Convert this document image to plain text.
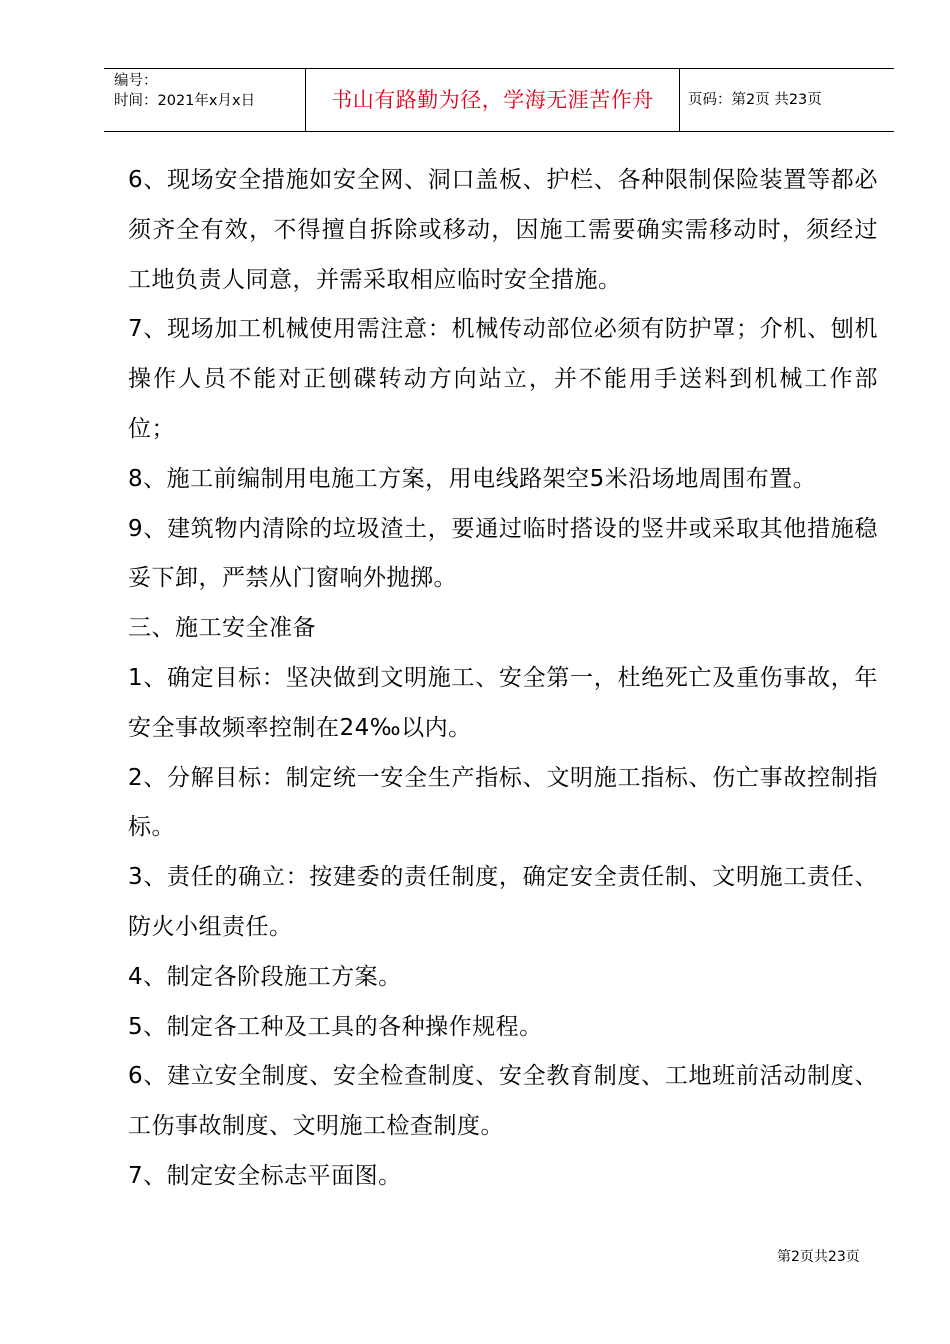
编号：
时间：2021年x月x日	书山有路勤为径，学海无涯苦作舟	页码：第2页 共23页

6、现场安全措施如安全网、洞口盖板、护栏、各种限制保险装置等都必须齐全有效，不得擅自拆除或移动，因施工需要确实需移动时，须经过工地负责人同意，并需采取相应临时安全措施。

7、现场加工机械使用需注意：机械传动部位必须有防护罩；介机、刨机操作人员不能对正刨碟转动方向站立，并不能用手送料到机械工作部位；

8、施工前编制用电施工方案，用电线路架空5米沿场地周围布置。

9、建筑物内清除的垃圾渣土，要通过临时搭设的竖井或采取其他措施稳妥下卸，严禁从门窗响外抛掷。

三、施工安全准备

1、确定目标：坚决做到文明施工、安全第一，杜绝死亡及重伤事故，年安全事故频率控制在24‰以内。

2、分解目标：制定统一安全生产指标、文明施工指标、伤亡事故控制指标。

3、责任的确立：按建委的责任制度，确定安全责任制、文明施工责任、防火小组责任。

4、制定各阶段施工方案。

5、制定各工种及工具的各种操作规程。

6、建立安全制度、安全检查制度、安全教育制度、工地班前活动制度、工伤事故制度、文明施工检查制度。

7、制定安全标志平面图。

第2页共23页
